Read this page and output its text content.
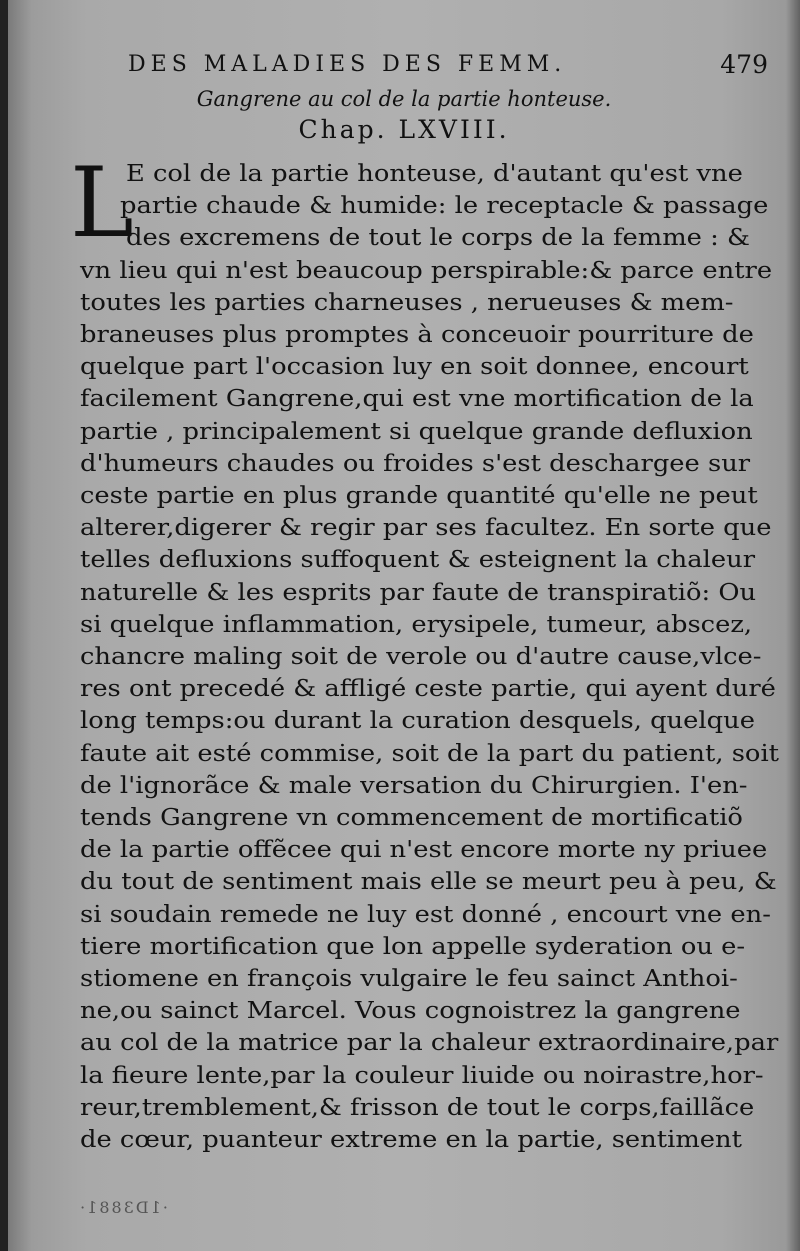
DES MALADIES DES FEMM.	479
Gangrene au col de la partie honteuse.
Chap. LXVIII.
L
E col de la partie honteuse, d'autant qu'est vne
partie chaude & humide: le receptacle & passage
des excremens de tout le corps de la femme : &
vn lieu qui n'est beaucoup perspirable:& parce entre
toutes les parties charneuses , nerueuses & mem-
braneuses plus promptes à conceuoir pourriture de
quelque part l'occasion luy en soit donnee, encourt
facilement Gangrene,qui est vne mortification de la
partie , principalement si quelque grande defluxion
d'humeurs chaudes ou froides s'est deschargee sur
ceste partie en plus grande quantité qu'elle ne peut
alterer,digerer & regir par ses facultez. En sorte que
telles defluxions suffoquent & esteignent la chaleur
naturelle & les esprits par faute de transpiratiõ: Ou
si quelque inflammation, erysipele, tumeur, abscez,
chancre maling soit de verole ou d'autre cause,vlce-
res ont precedé & affligé ceste partie, qui ayent duré
long temps:ou durant la curation desquels, quelque
faute ait esté commise, soit de la part du patient, soit
de l'ignorãce & male versation du Chirurgien. I'en-
tends Gangrene vn commencement de mortificatiõ
de la partie offẽcee qui n'est encore morte ny priuee
du tout de sentiment mais elle se meurt peu à peu, &
si soudain remede ne luy est donné , encourt vne en-
tiere mortification que lon appelle syderation ou e-
stiomene en françois vulgaire le feu sainct Anthoi-
ne,ou sainct Marcel. Vous cognoistrez la gangrene
au col de la matrice par la chaleur extraordinaire,par
la fieure lente,par la couleur liuide ou noirastre,hor-
reur,tremblement,& frisson de tout le corps,faillãce
de cœur, puanteur extreme en la partie, sentiment
·1D3881·
